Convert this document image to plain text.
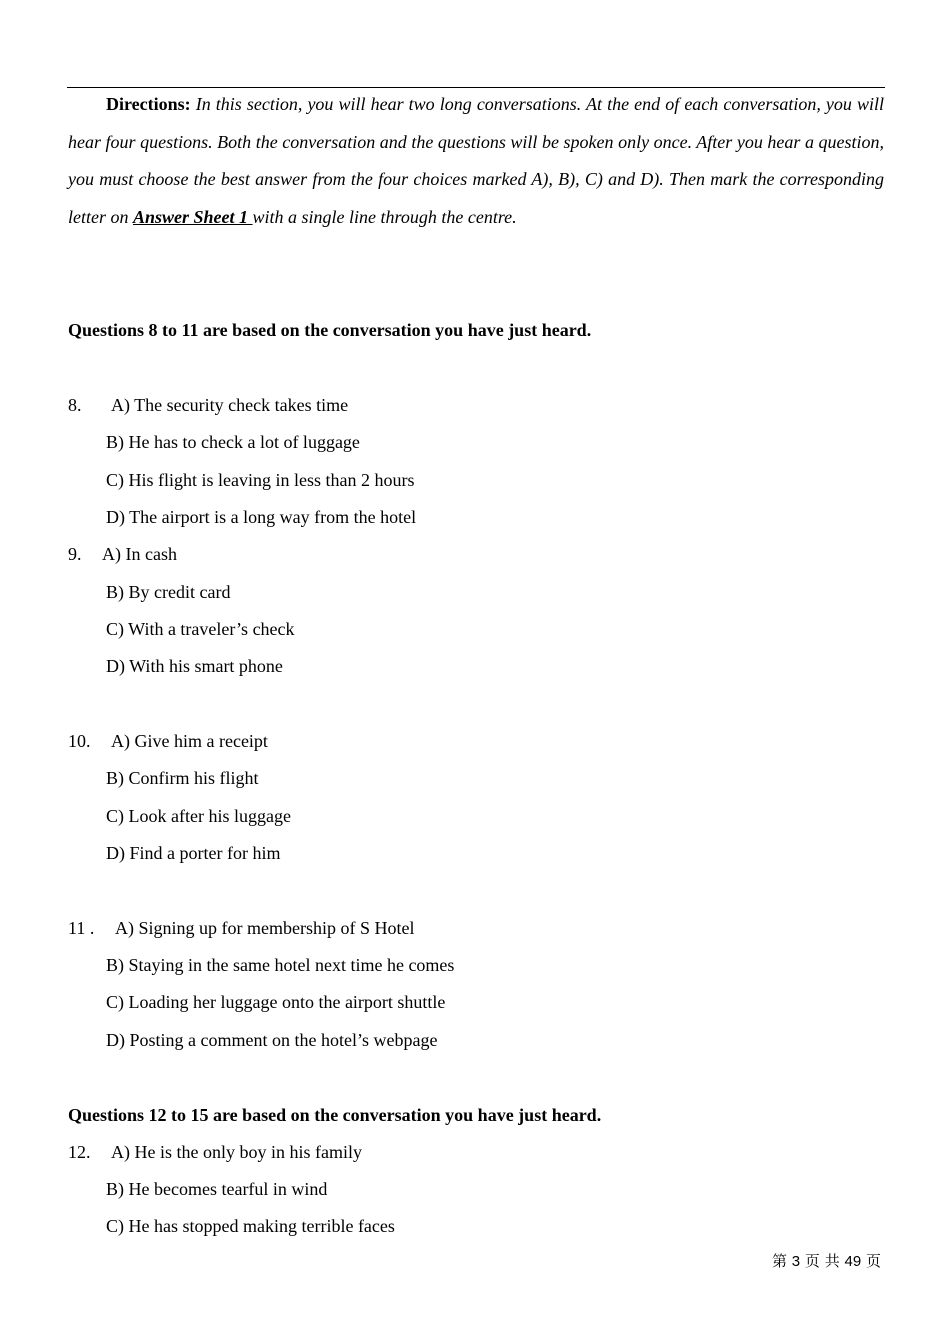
Directions: In this section, you will hear two long conversations. At the end of each conversation, you will hear four questions. Both the conversation and the questions will be spoken only once. After you hear a question, you must choose the best answer from the four choices marked A), B), C) and D). Then mark the corresponding letter on Answer Sheet 1 with a single line through the centre.
Questions 8 to 11 are based on the conversation you have just heard.
8. A) The security check takes time
B) He has to check a lot of luggage
C) His flight is leaving in less than 2 hours
D) The airport is a long way from the hotel
9. A) In cash
B) By credit card
C) With a traveler’s check
D) With his smart phone
10. A) Give him a receipt
B) Confirm his flight
C) Look after his luggage
D) Find a porter for him
11 . A) Signing up for membership of S Hotel
B) Staying in the same hotel next time he comes
C) Loading her luggage onto the airport shuttle
D) Posting a comment on the hotel’s webpage
Questions 12 to 15 are based on the conversation you have just heard.
12. A) He is the only boy in his family
B) He becomes tearful in wind
C) He has stopped making terrible faces
第 3 页 共 49 页
